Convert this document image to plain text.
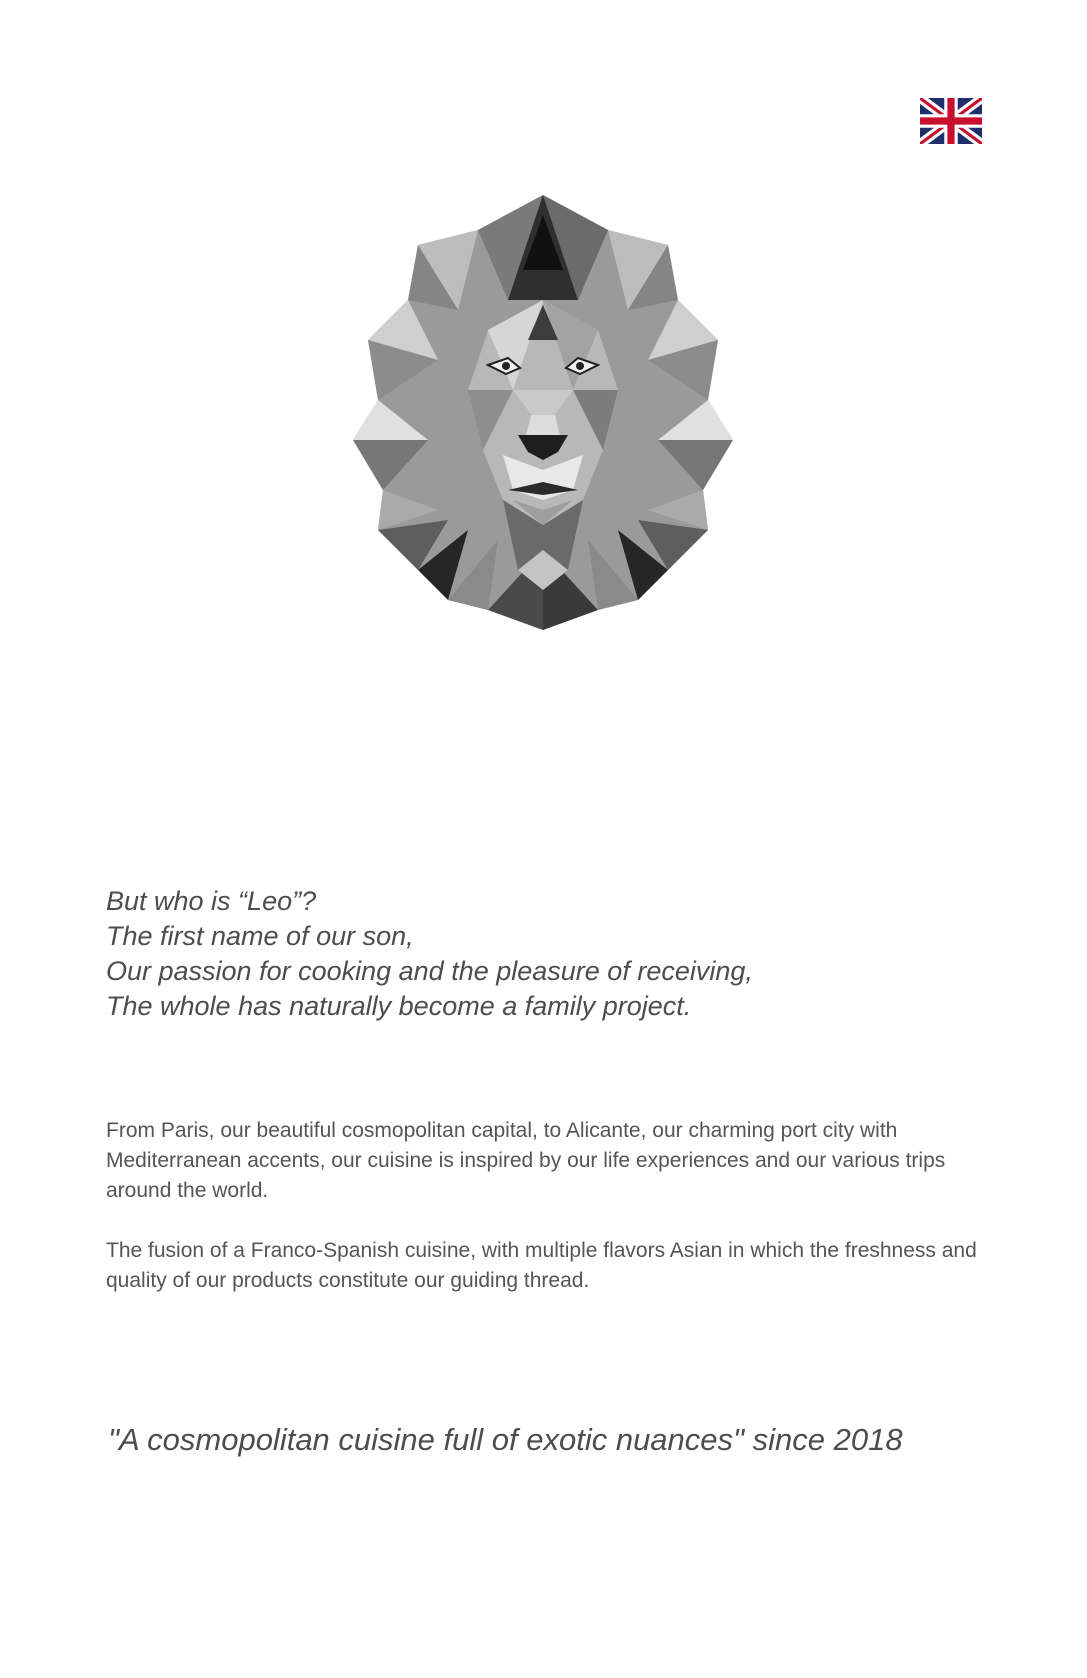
But who is “Leo”?
The first name of our son,
Our passion for cooking and the pleasure of receiving,
The whole has naturally become a family project.

From Paris, our beautiful cosmopolitan capital, to Alicante, our charming port city with Mediterranean accents, our cuisine is inspired by our life experiences and our various trips around the world.

The fusion of a Franco-Spanish cuisine, with multiple flavors Asian in which the freshness and quality of our products constitute our guiding thread.

"A cosmopolitan cuisine full of exotic nuances" since 2018
